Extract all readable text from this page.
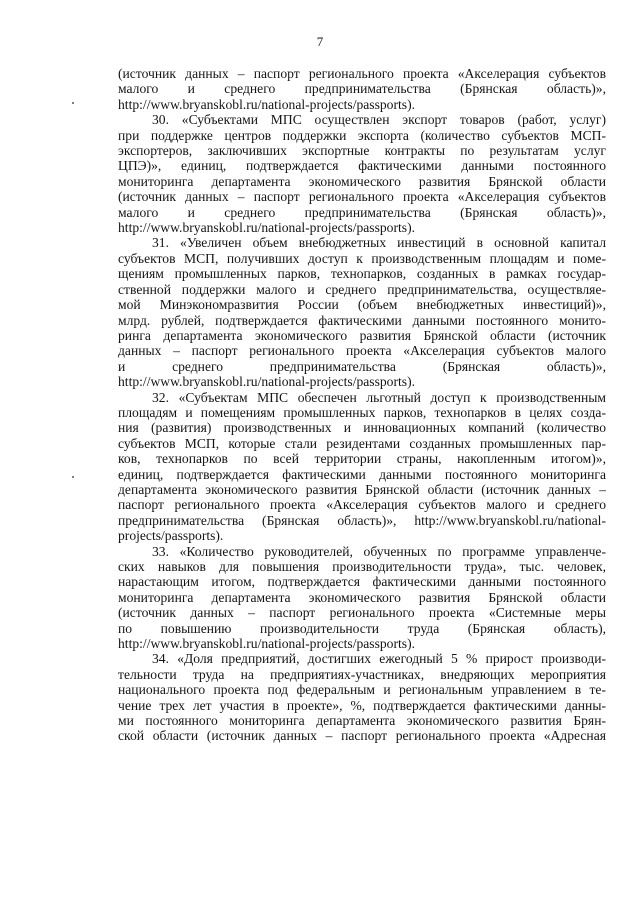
7
(источник данных – паспорт регионального проекта «Акселерация субъектов
малого и среднего предпринимательства (Брянская область)»,
http://www.bryanskobl.ru/national-projects/passports).
30. «Субъектами МПС осуществлен экспорт товаров (работ, услуг)
при поддержке центров поддержки экспорта (количество субъектов МСП-
экспортеров, заключивших экспортные контракты по результатам услуг
ЦПЭ)», единиц, подтверждается фактическими данными постоянного
мониторинга департамента экономического развития Брянской области
(источник данных – паспорт регионального проекта «Акселерация субъектов
малого и среднего предпринимательства (Брянская область)»,
http://www.bryanskobl.ru/national-projects/passports).
31. «Увеличен объем внебюджетных инвестиций в основной капитал
субъектов МСП, получивших доступ к производственным площадям и поме-
щениям промышленных парков, технопарков, созданных в рамках государ-
ственной поддержки малого и среднего предпринимательства, осуществляе-
мой Минэкономразвития России (объем внебюджетных инвестиций)»,
млрд. рублей, подтверждается фактическими данными постоянного монито-
ринга департамента экономического развития Брянской области (источник
данных – паспорт регионального проекта «Акселерация субъектов малого
и среднего предпринимательства (Брянская область)»,
http://www.bryanskobl.ru/national-projects/passports).
32. «Субъектам МПС обеспечен льготный доступ к производственным
площадям и помещениям промышленных парков, технопарков в целях созда-
ния (развития) производственных и инновационных компаний (количество
субъектов МСП, которые стали резидентами созданных промышленных пар-
ков, технопарков по всей территории страны, накопленным итогом)»,
единиц, подтверждается фактическими данными постоянного мониторинга
департамента экономического развития Брянской области (источник данных –
паспорт регионального проекта «Акселерация субъектов малого и среднего
предпринимательства (Брянская область)», http://www.bryanskobl.ru/national-
projects/passports).
33. «Количество руководителей, обученных по программе управленче-
ских навыков для повышения производительности труда», тыс. человек,
нарастающим итогом, подтверждается фактическими данными постоянного
мониторинга департамента экономического развития Брянской области
(источник данных – паспорт регионального проекта «Системные меры
по повышению производительности труда (Брянская область),
http://www.bryanskobl.ru/national-projects/passports).
34. «Доля предприятий, достигших ежегодный 5 % прирост производи-
тельности труда на предприятиях-участниках, внедряющих мероприятия
национального проекта под федеральным и региональным управлением в те-
чение трех лет участия в проекте», %, подтверждается фактическими данны-
ми постоянного мониторинга департамента экономического развития Брян-
ской области (источник данных – паспорт регионального проекта «Адресная
